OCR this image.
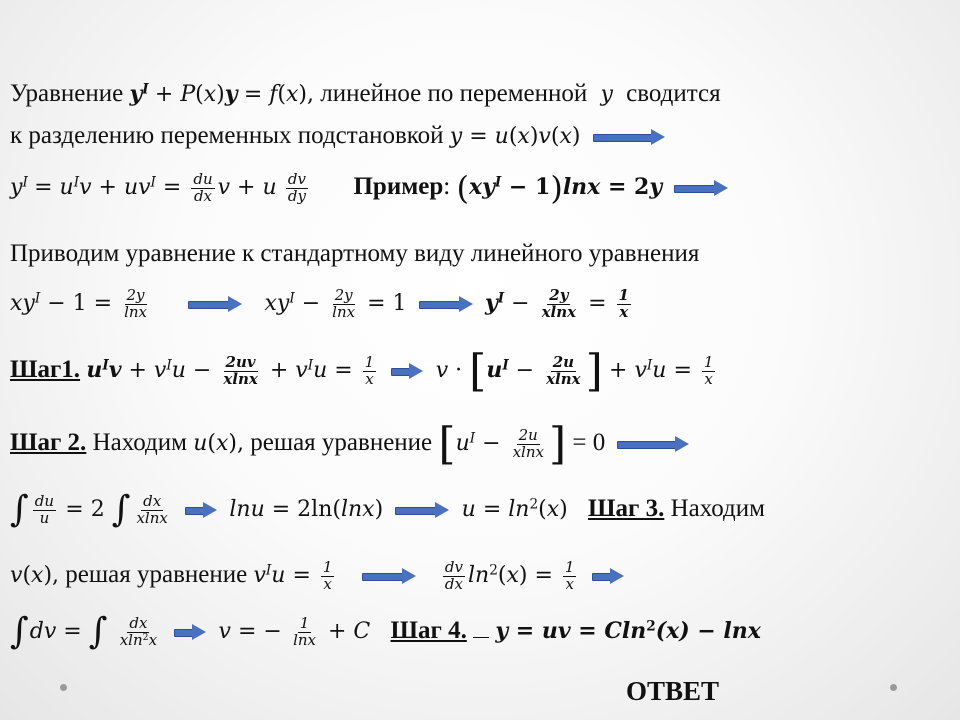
Уравнение $y^I + P(x)y = f(x)$, линейное по переменной  y  сводится
к разделению переменных подстановкой y = u(x)v(x)
$y^I = u^Iv + uv^I = \frac{du}{dx}$ v + u $\frac{dv}{dy}$ Пример: $(xy^I - 1)\ln x = 2y$
Приводим уравнение к стандартному виду линейного уравнения
$xy^I - 1 = \frac{2y}{\ln x}$
	$xy^I - \frac{2y}{\ln x} = 1$	$y^I - \frac{2y}{xlnx} = \frac{1}{x}$
Шаг1. $u^Iv + v^Iu - \frac{2uv}{xlnx} + v^Iu = \frac{1}{x}$
	$v \cdot [u^I - \frac{2u}{xlnx}$ ] + $v^Iu = \frac{1}{x}$
Шаг 2. Находим u(x), решая уравнение [$u^I - \frac{2u}{xlnx}$ ] = 0
∫ $\frac{du}{u} = 2$ ∫ $\frac{dx}{xlnx}$
	lnu = 2ln(lnx)	$u = \ln^2(x)$ Шаг 3. Находим
v(x), решая уравнение $v^Iu = \frac{1}{x}$

	$\frac{dv}{dx} \ln^2(x) = \frac{1}{x}$

∫dv = ∫ $\frac{dx}{xln^2x}$
	v = − $\frac{1}{\ln x} + C$ Шаг 4. y = uv = Cln$^2$(x) − lnx
ОТВЕТ
